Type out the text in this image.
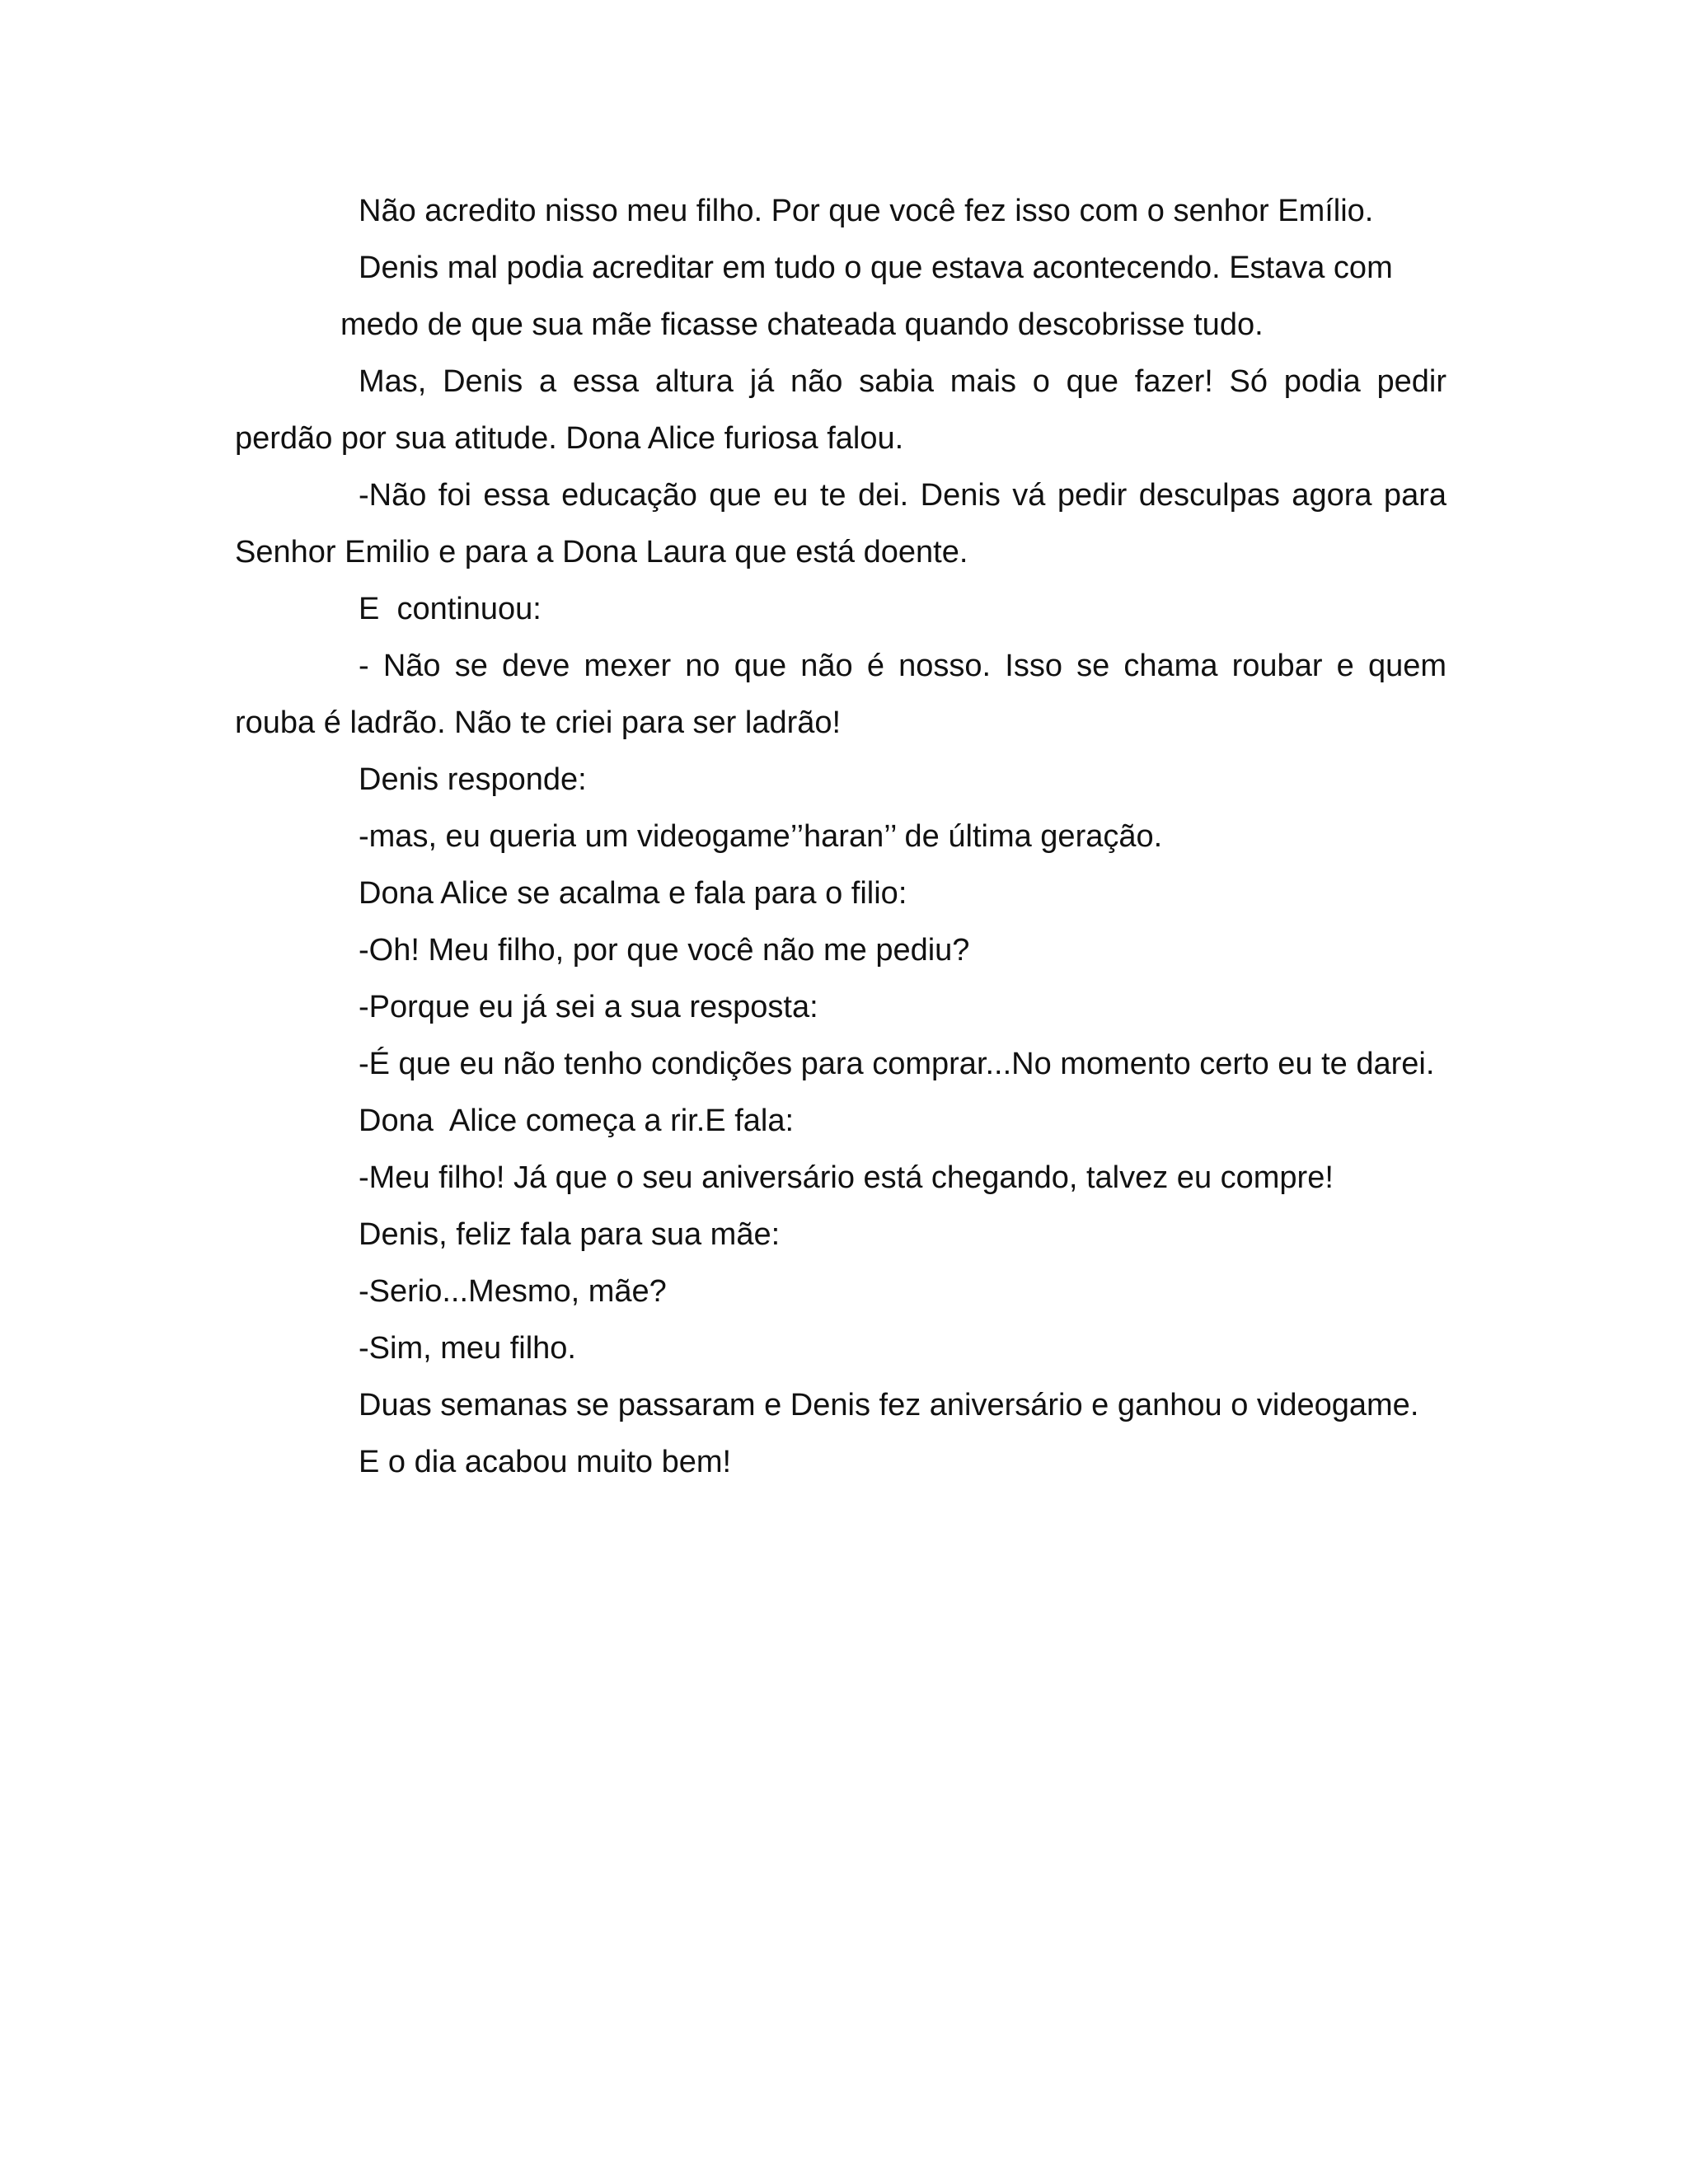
Não acredito nisso meu filho. Por que você fez isso com o senhor Emílio.

Denis mal podia acreditar em tudo o que estava acontecendo. Estava com
medo de que sua mãe ficasse chateada quando descobrisse tudo.

Mas, Denis a essa altura já não sabia mais o que fazer! Só podia pedir perdão por sua atitude. Dona Alice furiosa falou.

-Não foi essa educação que eu te dei. Denis vá pedir desculpas agora para Senhor Emilio e para a Dona Laura que está doente.

E  continuou:

- Não se deve mexer no que não é nosso. Isso se chama roubar e quem rouba é ladrão. Não te criei para ser ladrão!

Denis responde:

-mas, eu queria um videogame’’haran’’ de última geração.

Dona Alice se acalma e fala para o filio:

-Oh! Meu filho, por que você não me pediu?

-Porque eu já sei a sua resposta:

-É que eu não tenho condições para comprar...No momento certo eu te darei.

Dona  Alice começa a rir.E fala:

-Meu filho! Já que o seu aniversário está chegando, talvez eu compre!

Denis, feliz fala para sua mãe:

-Serio...Mesmo, mãe?

-Sim, meu filho.

Duas semanas se passaram e Denis fez aniversário e ganhou o videogame.

E o dia acabou muito bem!
